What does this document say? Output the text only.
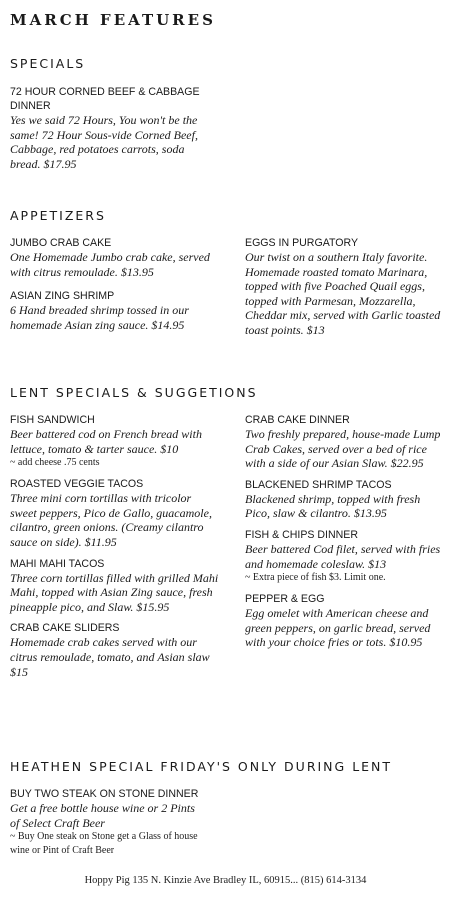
MARCH FEATURES
SPECIALS
72 HOUR CORNED BEEF & CABBAGE DINNER
Yes we said 72 Hours, You won't be the same! 72 Hour Sous-vide Corned Beef, Cabbage, red potatoes carrots, soda bread. $17.95
APPETIZERS
JUMBO CRAB CAKE
One Homemade Jumbo crab cake, served with citrus remoulade. $13.95
ASIAN ZING SHRIMP
6 Hand breaded shrimp tossed in our homemade Asian zing sauce. $14.95
EGGS IN PURGATORY
Our twist on a southern Italy favorite. Homemade roasted tomato Marinara, topped with five Poached Quail eggs, topped with Parmesan, Mozzarella, Cheddar mix, served with Garlic toasted toast points. $13
LENT SPECIALS & SUGGETIONS
FISH SANDWICH
Beer battered cod on French bread with lettuce, tomato & tarter sauce. $10
~ add cheese .75 cents
ROASTED VEGGIE TACOS
Three mini corn tortillas with tricolor sweet peppers, Pico de Gallo, guacamole, cilantro, green onions. (Creamy cilantro sauce on side). $11.95
MAHI MAHI TACOS
Three corn tortillas filled with grilled Mahi Mahi, topped with Asian Zing sauce, fresh pineapple pico, and Slaw. $15.95
CRAB CAKE SLIDERS
Homemade crab cakes served with our citrus remoulade, tomato, and Asian slaw $15
CRAB CAKE DINNER
Two freshly prepared, house-made Lump Crab Cakes, served over a bed of rice with a side of our Asian Slaw. $22.95
BLACKENED SHRIMP TACOS
Blackened shrimp, topped with fresh Pico, slaw & cilantro. $13.95
FISH & CHIPS DINNER
Beer battered Cod filet, served with fries and homemade coleslaw. $13
~ Extra piece of fish $3. Limit one.
PEPPER & EGG
Egg omelet with American cheese and green peppers, on garlic bread, served with your choice fries or tots. $10.95
HEATHEN SPECIAL FRIDAY'S ONLY DURING LENT
BUY TWO STEAK ON STONE DINNER
Get a free bottle house wine or 2 Pints of Select Craft Beer
~ Buy One steak on Stone get a Glass of house wine or Pint of Craft Beer
Hoppy Pig 135 N. Kinzie Ave Bradley IL, 60915... (815) 614-3134
